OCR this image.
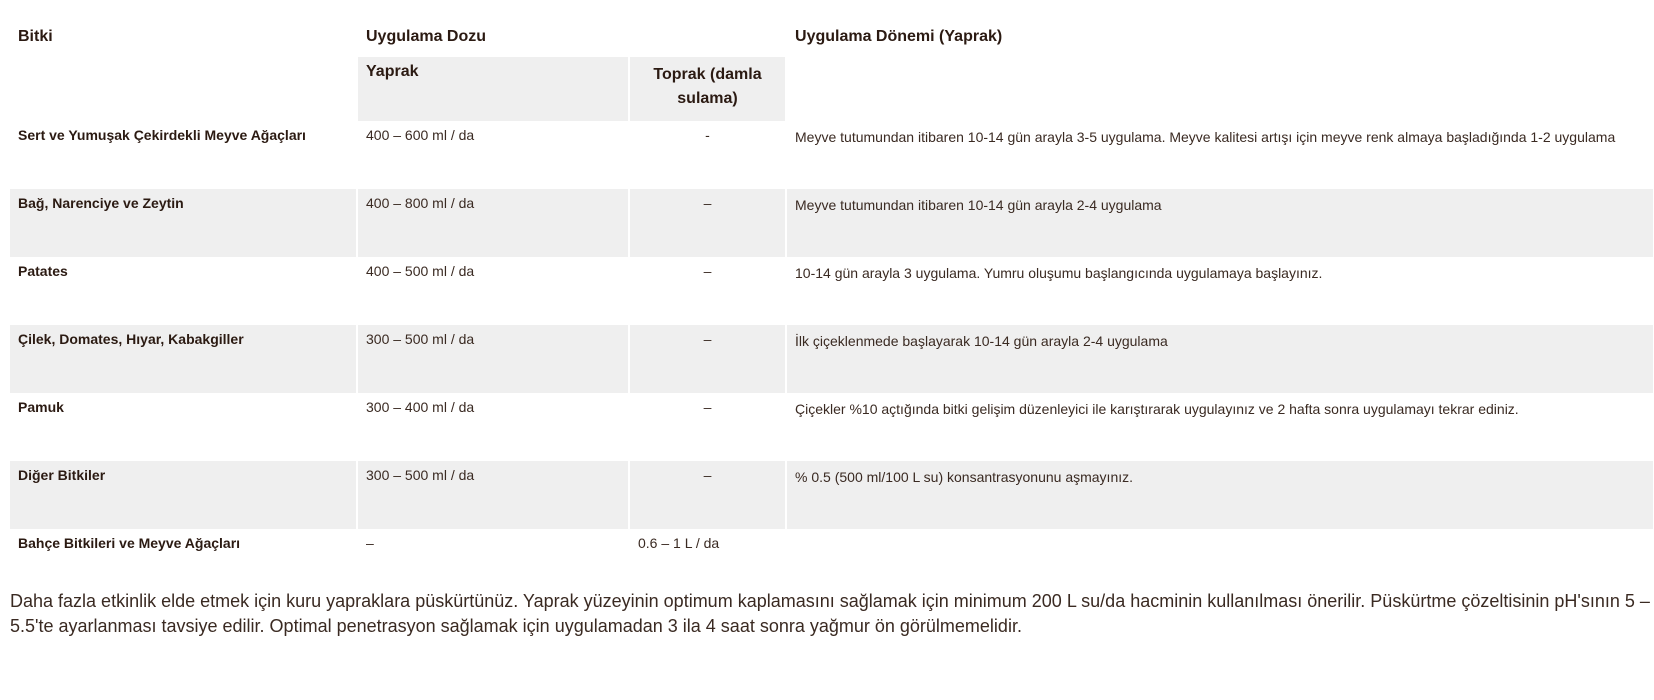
Bitki	Uygulama Dozu		Uygulama Dönemi (Yaprak)
	Yaprak	Toprak (damla sulama)	
Sert ve Yumuşak Çekirdekli Meyve Ağaçları	400 – 600 ml / da	-	Meyve tutumundan itibaren 10-14 gün arayla 3-5 uygulama. Meyve kalitesi artışı için meyve renk almaya başladığında 1-2 uygulama
Bağ, Narenciye ve Zeytin	400 – 800 ml / da	–	Meyve tutumundan itibaren 10-14 gün arayla 2-4 uygulama
Patates	400 – 500 ml / da	–	10-14 gün arayla 3 uygulama. Yumru oluşumu başlangıcında uygulamaya başlayınız.
Çilek, Domates, Hıyar, Kabakgiller	300 – 500 ml / da	–	İlk çiçeklenmede başlayarak 10-14 gün arayla 2-4 uygulama
Pamuk	300 – 400 ml / da	–	Çiçekler %10 açtığında bitki gelişim düzenleyici ile karıştırarak uygulayınız ve 2 hafta sonra uygulamayı tekrar ediniz.
Diğer Bitkiler	300 – 500 ml / da	–	% 0.5 (500 ml/100 L su) konsantrasyonunu aşmayınız.
Bahçe Bitkileri ve Meyve Ağaçları	–	0.6 – 1 L / da	

Daha fazla etkinlik elde etmek için kuru yapraklara püskürtünüz. Yaprak yüzeyinin optimum kaplamasını sağlamak için minimum 200 L su/da hacminin kullanılması önerilir. Püskürtme çözeltisinin pH'sının 5 – 5.5'te ayarlanması tavsiye edilir. Optimal penetrasyon sağlamak için uygulamadan 3 ila 4 saat sonra yağmur ön görülmemelidir.
